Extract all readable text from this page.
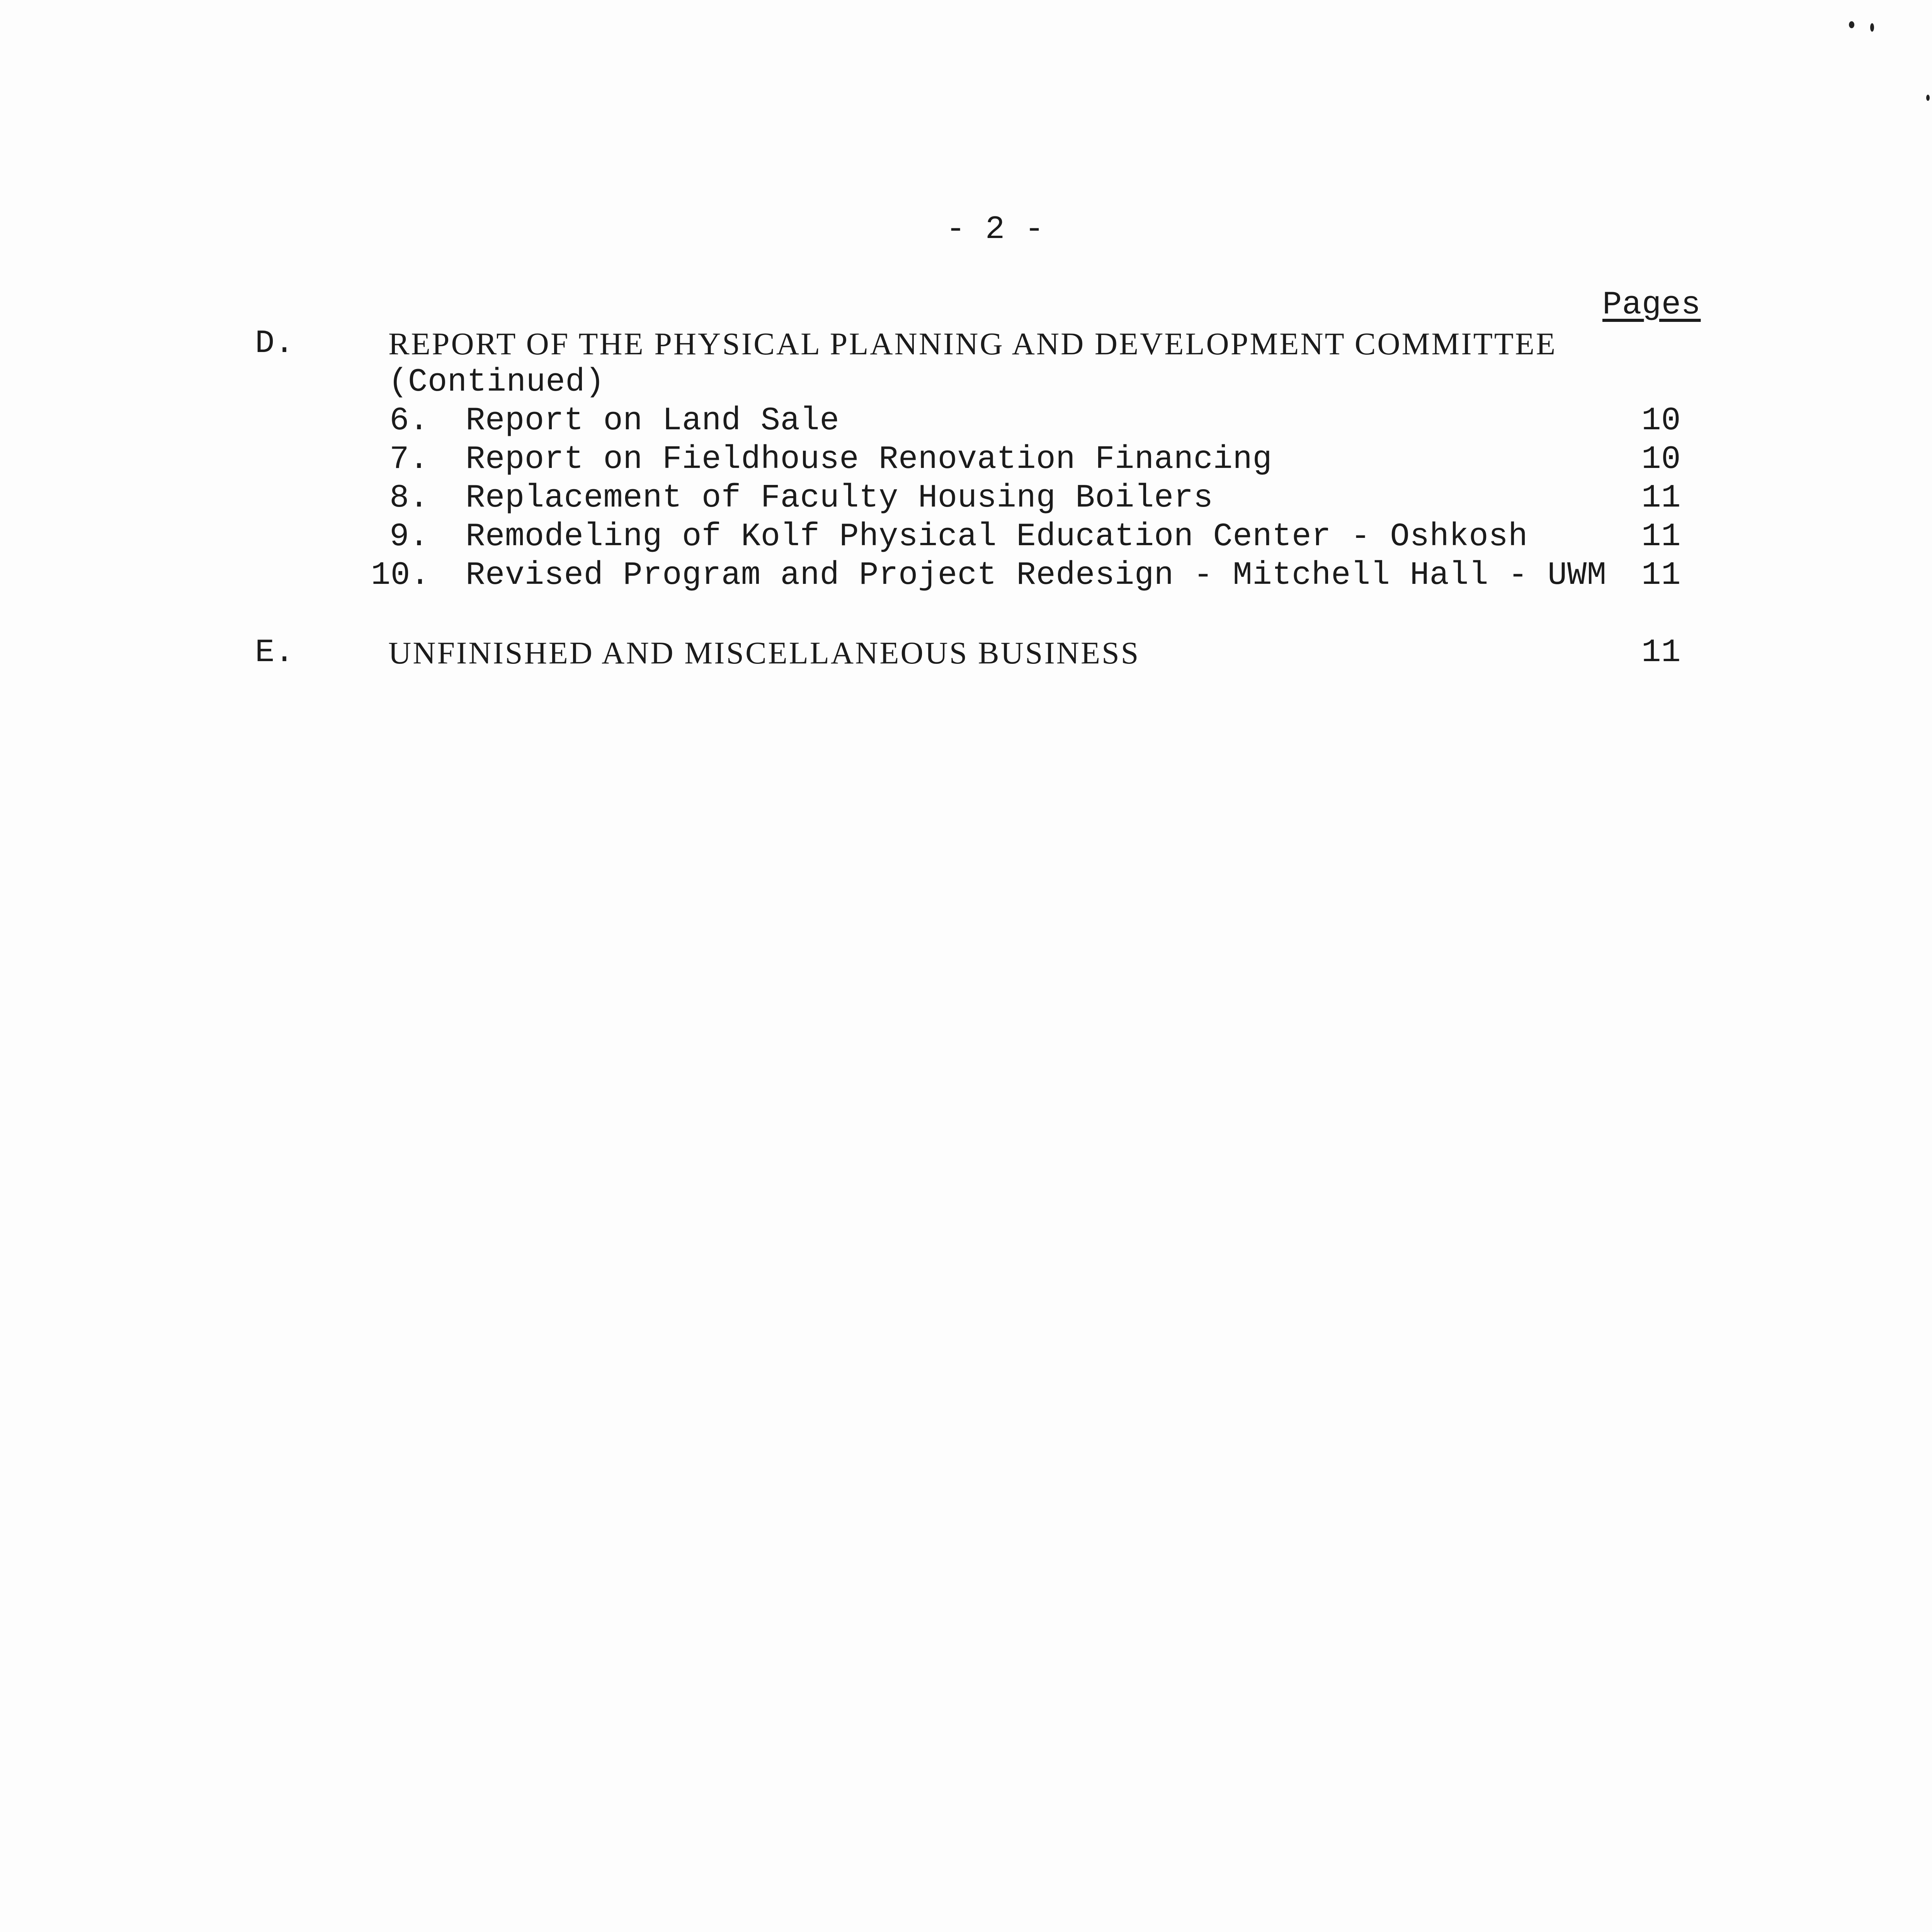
- 2 -
Pages
D.	REPORT OF THE PHYSICAL PLANNING AND DEVELOPMENT COMMITTEE
(Continued)
6. Report on Land Sale	10
7. Report on Fieldhouse Renovation Financing	10
8. Replacement of Faculty Housing Boilers	11
9. Remodeling of Kolf Physical Education Center - Oshkosh	11
10. Revised Program and Project Redesign - Mitchell Hall - UWM	11
E.	UNFINISHED AND MISCELLANEOUS BUSINESS	11
